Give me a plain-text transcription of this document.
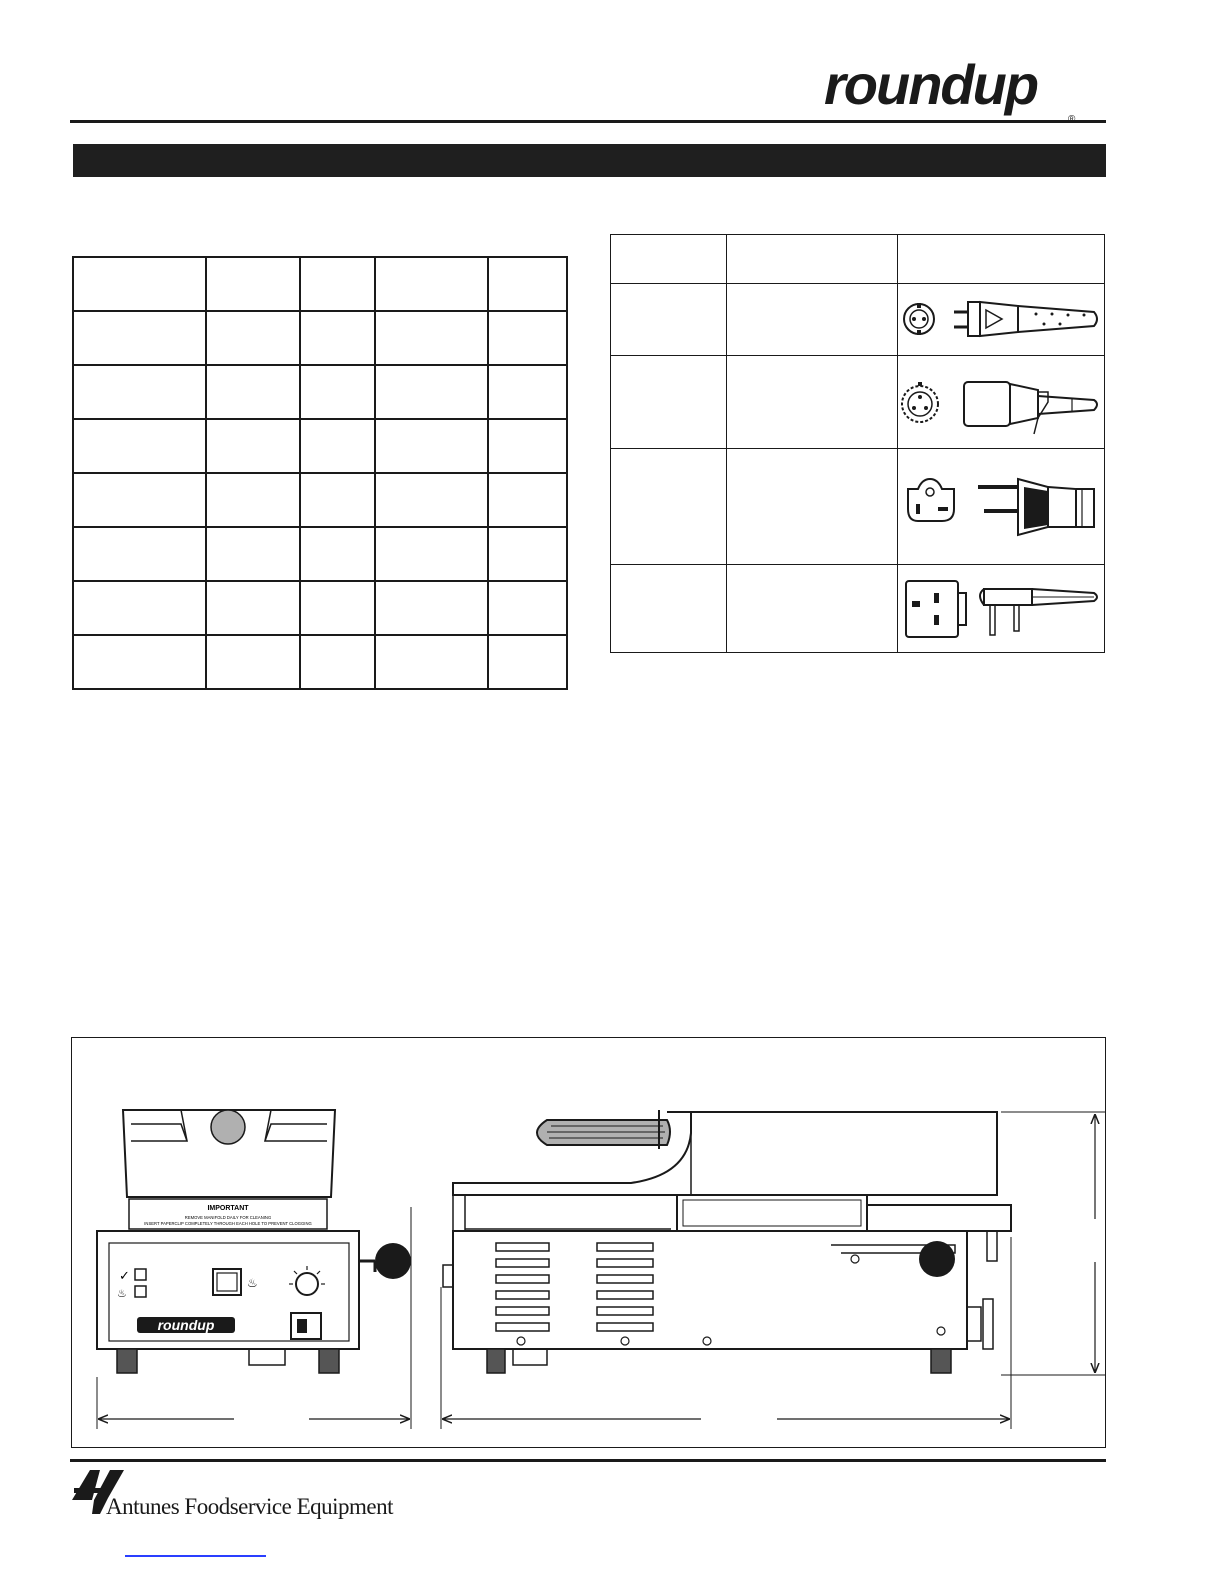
roundup

IMPORTANT
REMOVE MANIFOLD DAILY FOR CLEANING
INSERT PAPERCLIP COMPLETELY THROUGH EACH HOLE TO PREVENT CLOGGING
✓
♨
♨
roundup
Antunes Foodservice Equipment
